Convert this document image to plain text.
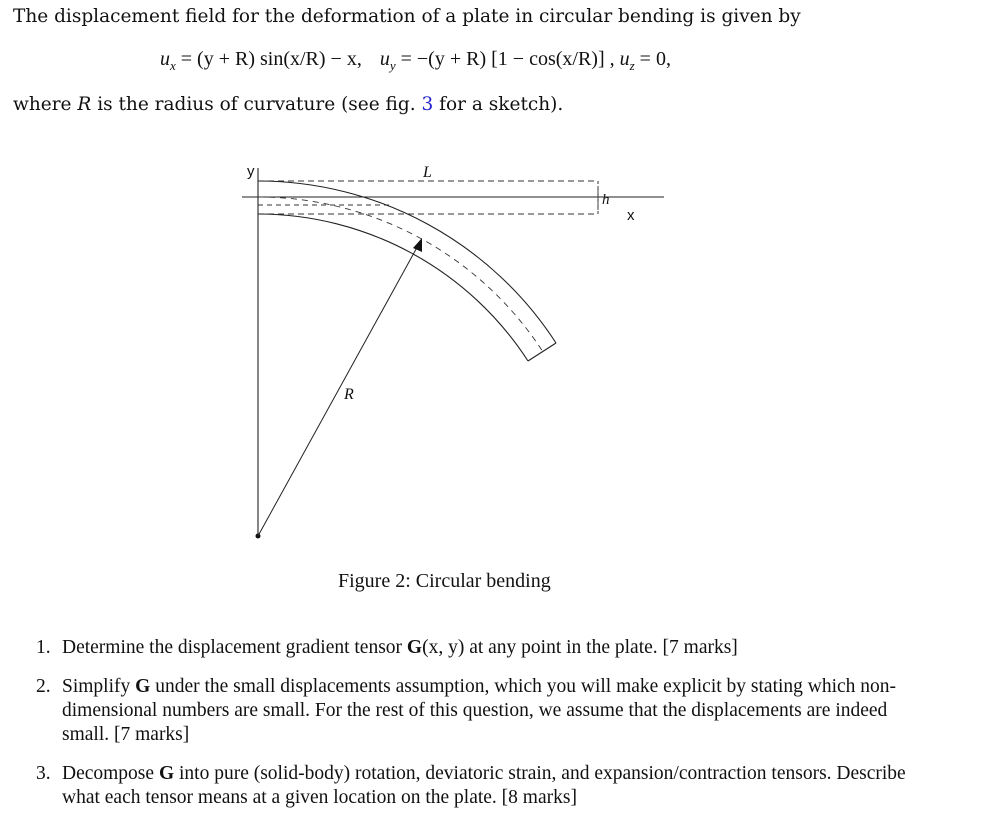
The displacement field for the deformation of a plate in circular bending is given by
$u_x = (y + R) \sin(x/R) - x$, $u_y = -(y + R) [1 - \cos(x/R)]$ , $u_z = 0$,
where R is the radius of curvature (see fig. 3 for a sketch).
y	L
h
x
R
Figure 2: Circular bending
1. Determine the displacement gradient tensor G(x, y) at any point in the plate. [7 marks]
2. Simplify G under the small displacements assumption, which you will make explicit by stating which non-dimensional numbers are small. For the rest of this question, we assume that the displacements are indeed small. [7 marks]
3. Decompose G into pure (solid-body) rotation, deviatoric strain, and expansion/contraction tensors. Describe what each tensor means at a given location on the plate. [8 marks]
